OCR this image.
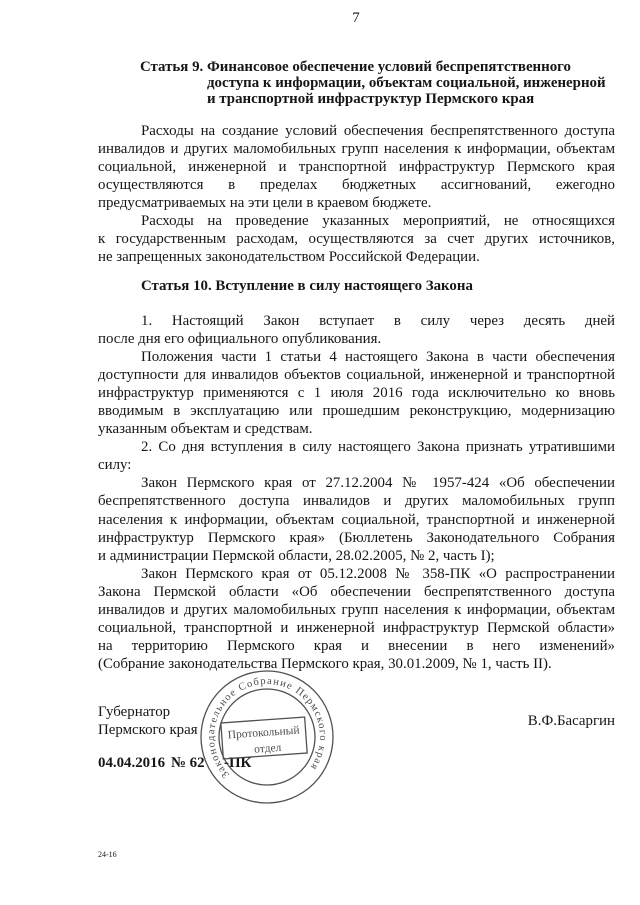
7
Статья 9. Финансовое обеспечение условий беспрепятственного
доступа к информации, объектам социальной, инженерной
и транспортной инфраструктур Пермского края
Расходы на создание условий обеспечения беспрепятственного доступа
инвалидов и других маломобильных групп населения к информации, объектам
социальной, инженерной и транспортной инфраструктур Пермского края
осуществляются в пределах бюджетных ассигнований, ежегодно
предусматриваемых на эти цели в краевом бюджете.
Расходы на проведение указанных мероприятий, не относящихся
к государственным расходам, осуществляются за счет других источников,
не запрещенных законодательством Российской Федерации.
Статья 10. Вступление в силу настоящего Закона
1. Настоящий Закон вступает в силу через десять дней
после дня его официального опубликования.
Положения части 1 статьи 4 настоящего Закона в части обеспечения
доступности для инвалидов объектов социальной, инженерной и транспортной
инфраструктур применяются с 1 июля 2016 года исключительно ко вновь
вводимым в эксплуатацию или прошедшим реконструкцию, модернизацию
указанным объектам и средствам.
2. Со дня вступления в силу настоящего Закона признать утратившими
силу:
Закон Пермского края от 27.12.2004 № 1957-424 «Об обеспечении
беспрепятственного доступа инвалидов и других маломобильных групп
населения к информации, объектам социальной, транспортной и инженерной
инфраструктур Пермского края» (Бюллетень Законодательного Собрания
и администрации Пермской области, 28.02.2005, № 2, часть I);
Закон Пермского края от 05.12.2008 № 358-ПК «О распространении
Закона Пермской области «Об обеспечении беспрепятственного доступа
инвалидов и других маломобильных групп населения к информации, объектам
социальной, транспортной и инженерной инфраструктур Пермской области»
на территорию Пермского края и внесении в него изменений»
(Собрание законодательства Пермского края, 30.01.2009, № 1, часть II).
Губернатор
Пермского края
В.Ф.Басаргин
04.04.2016 № 62 -ПК
Законодательное Собрание Пермского края
Протокольный
отдел
24-16
